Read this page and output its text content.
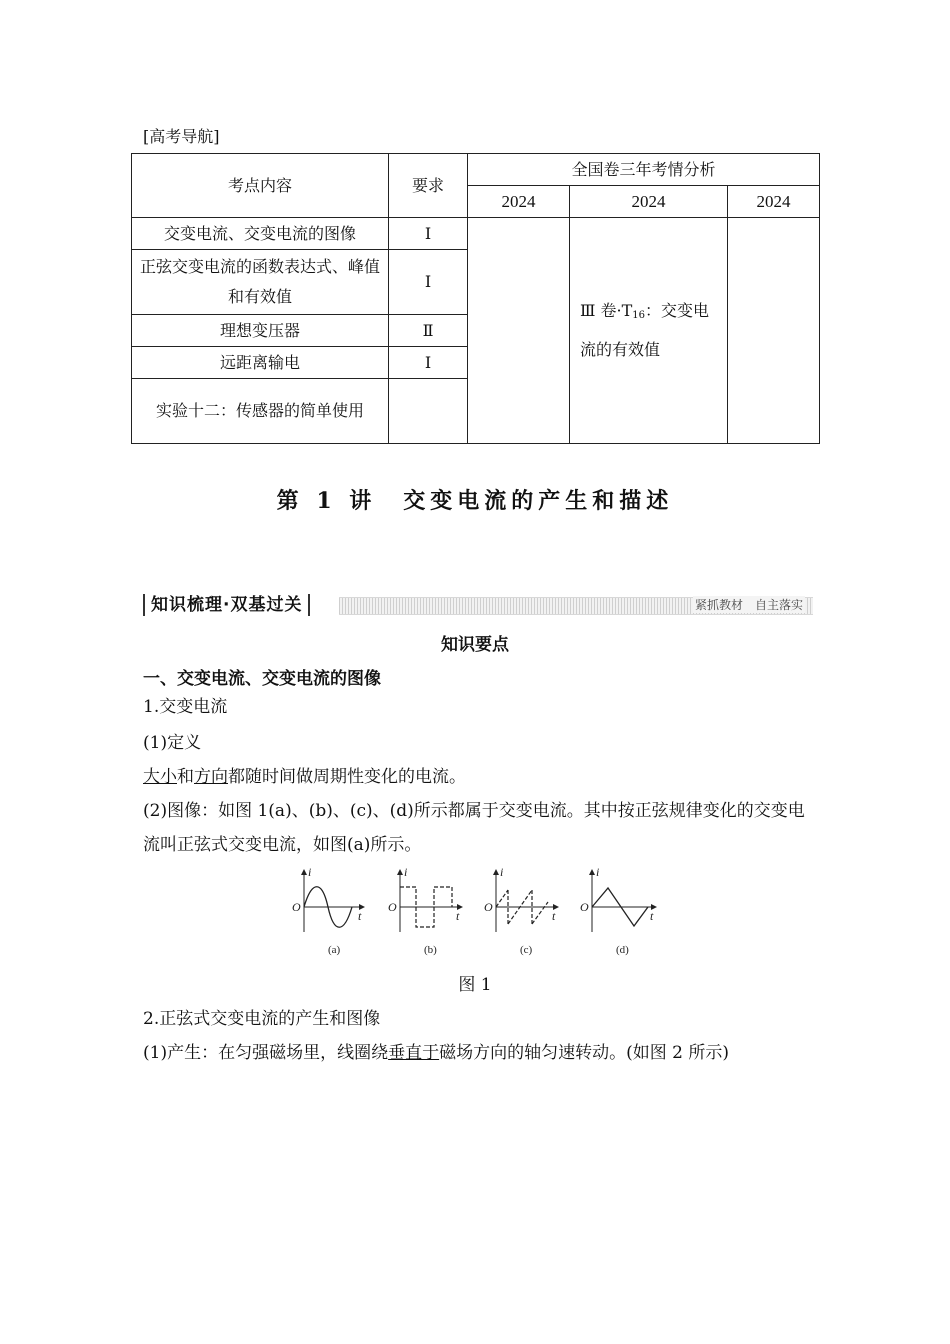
[高考导航]
考点内容	要求	全国卷三年考情分析		
		2024	2024	2024
交变电流、交变电流的图像	Ⅰ		Ⅲ 卷$\cdot T_{16}$：交变电流的有效值	
正弦交变电流的函数表达式、峰值和有效值	Ⅰ			
理想变压器	Ⅱ			
远距离输电	Ⅰ			
实验十二：传感器的简单使用				
第 1 讲　交变电流的产生和描述
知识梳理·双基过关	紧抓教材　自主落实
知识要点
一、交变电流、交变电流的图像
1.交变电流
(1)定义
大小和方向都随时间做周期性变化的电流。
(2)图像：如图 1(a)、(b)、(c)、(d)所示都属于交变电流。其中按正弦规律变化的交变电流叫正弦式交变电流，如图(a)所示。
i
t
O
(a)
i
t
O
(b)
i
t
O
(c)
i
t
O
(d)
图 1
2.正弦式交变电流的产生和图像
(1)产生：在匀强磁场里，线圈绕垂直于磁场方向的轴匀速转动。(如图 2 所示)
